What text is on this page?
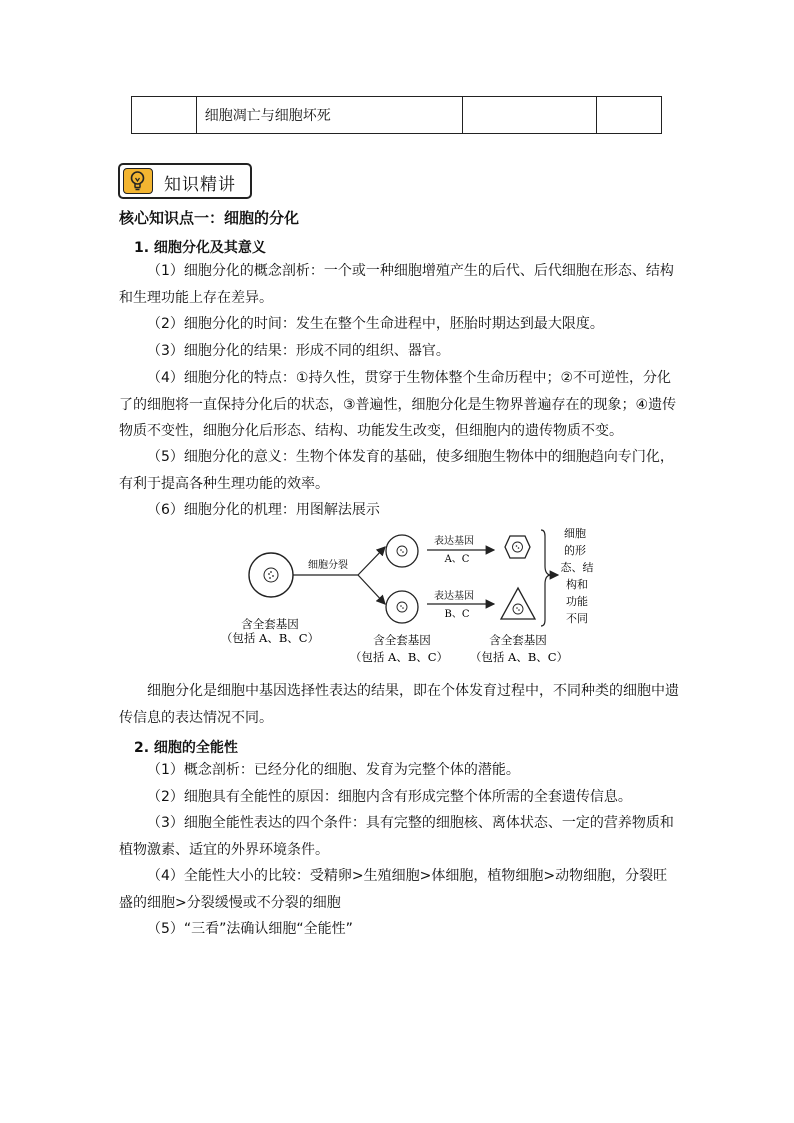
	细胞凋亡与细胞坏死		
知识精讲
核心知识点一：细胞的分化
1. 细胞分化及其意义
（1）细胞分化的概念剖析：一个或一种细胞增殖产生的后代、后代细胞在形态、结构和生理功能上存在差异。
（2）细胞分化的时间：发生在整个生命进程中，胚胎时期达到最大限度。
（3）细胞分化的结果：形成不同的组织、器官。
（4）细胞分化的特点：①持久性，贯穿于生物体整个生命历程中；②不可逆性，分化了的细胞将一直保持分化后的状态，③普遍性，细胞分化是生物界普遍存在的现象；④遗传物质不变性，细胞分化后形态、结构、功能发生改变，但细胞内的遗传物质不变。
（5）细胞分化的意义：生物个体发育的基础，使多细胞生物体中的细胞趋向专门化，有利于提高各种生理功能的效率。
（6）细胞分化的机理：用图解法展示
含全套基因
（包括 A、B、C）
细胞分裂
含全套基因
（包括 A、B、C）
表达基因
A、C
表达基因
B、C
含全套基因
（包括 A、B、C）
细胞
的形
态、结
构和
功能
不同
细胞分化是细胞中基因选择性表达的结果，即在个体发育过程中，不同种类的细胞中遗传信息的表达情况不同。
2. 细胞的全能性
（1）概念剖析：已经分化的细胞、发育为完整个体的潜能。
（2）细胞具有全能性的原因：细胞内含有形成完整个体所需的全套遗传信息。
（3）细胞全能性表达的四个条件：具有完整的细胞核、离体状态、一定的营养物质和植物激素、适宜的外界环境条件。
（4）全能性大小的比较：受精卵>生殖细胞>体细胞，植物细胞>动物细胞，分裂旺盛的细胞>分裂缓慢或不分裂的细胞
（5）“三看”法确认细胞“全能性”
